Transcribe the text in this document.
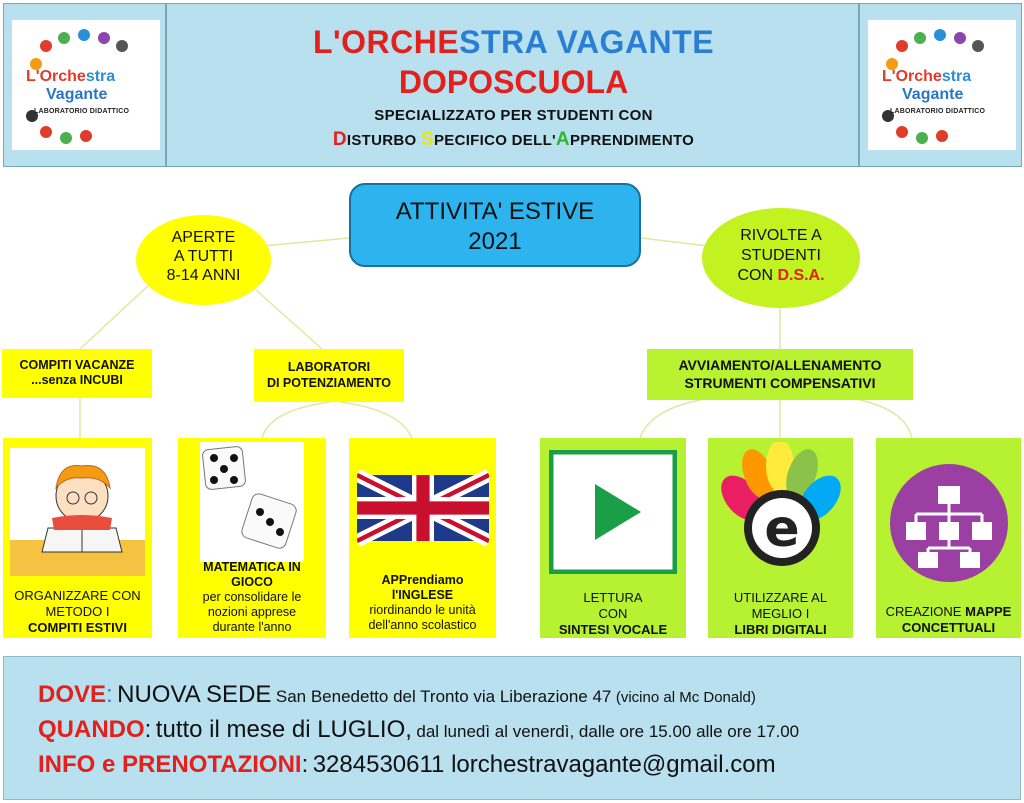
L'Orchestra
Vagante
LABORATORIO DIDATTICO
L'ORCHESTRA VAGANTE
DOPOSCUOLA
SPECIALIZZATO PER STUDENTI CON
DISTURBO SPECIFICO DELL'APPRENDIMENTO
L'Orchestra
Vagante
LABORATORIO DIDATTICO
ATTIVITA' ESTIVE
2021
APERTE
A TUTTI
8-14 ANNI
RIVOLTE A
STUDENTI
CON D.S.A.
COMPITI VACANZE
...senza INCUBI
LABORATORI
DI POTENZIAMENTO
AVVIAMENTO/ALLENAMENTO
STRUMENTI COMPENSATIVI
ORGANIZZARE CON
METODO I
COMPITI ESTIVI
MATEMATICA IN
GIOCO
per consolidare le
nozioni apprese
durante l'anno
APPrendiamo
l'INGLESE
riordinando le unità
dell'anno scolastico
LETTURA
CON
SINTESI VOCALE
e
UTILIZZARE AL
MEGLIO I
LIBRI DIGITALI
CREAZIONE MAPPE
CONCETTUALI
DOVE: NUOVA SEDE San Benedetto del Tronto via Liberazione 47 (vicino al Mc Donald)
QUANDO: tutto il mese di LUGLIO, dal lunedì al venerdì, dalle ore 15.00 alle ore 17.00
INFO e PRENOTAZIONI: 3284530611 lorchestravagante@gmail.com
